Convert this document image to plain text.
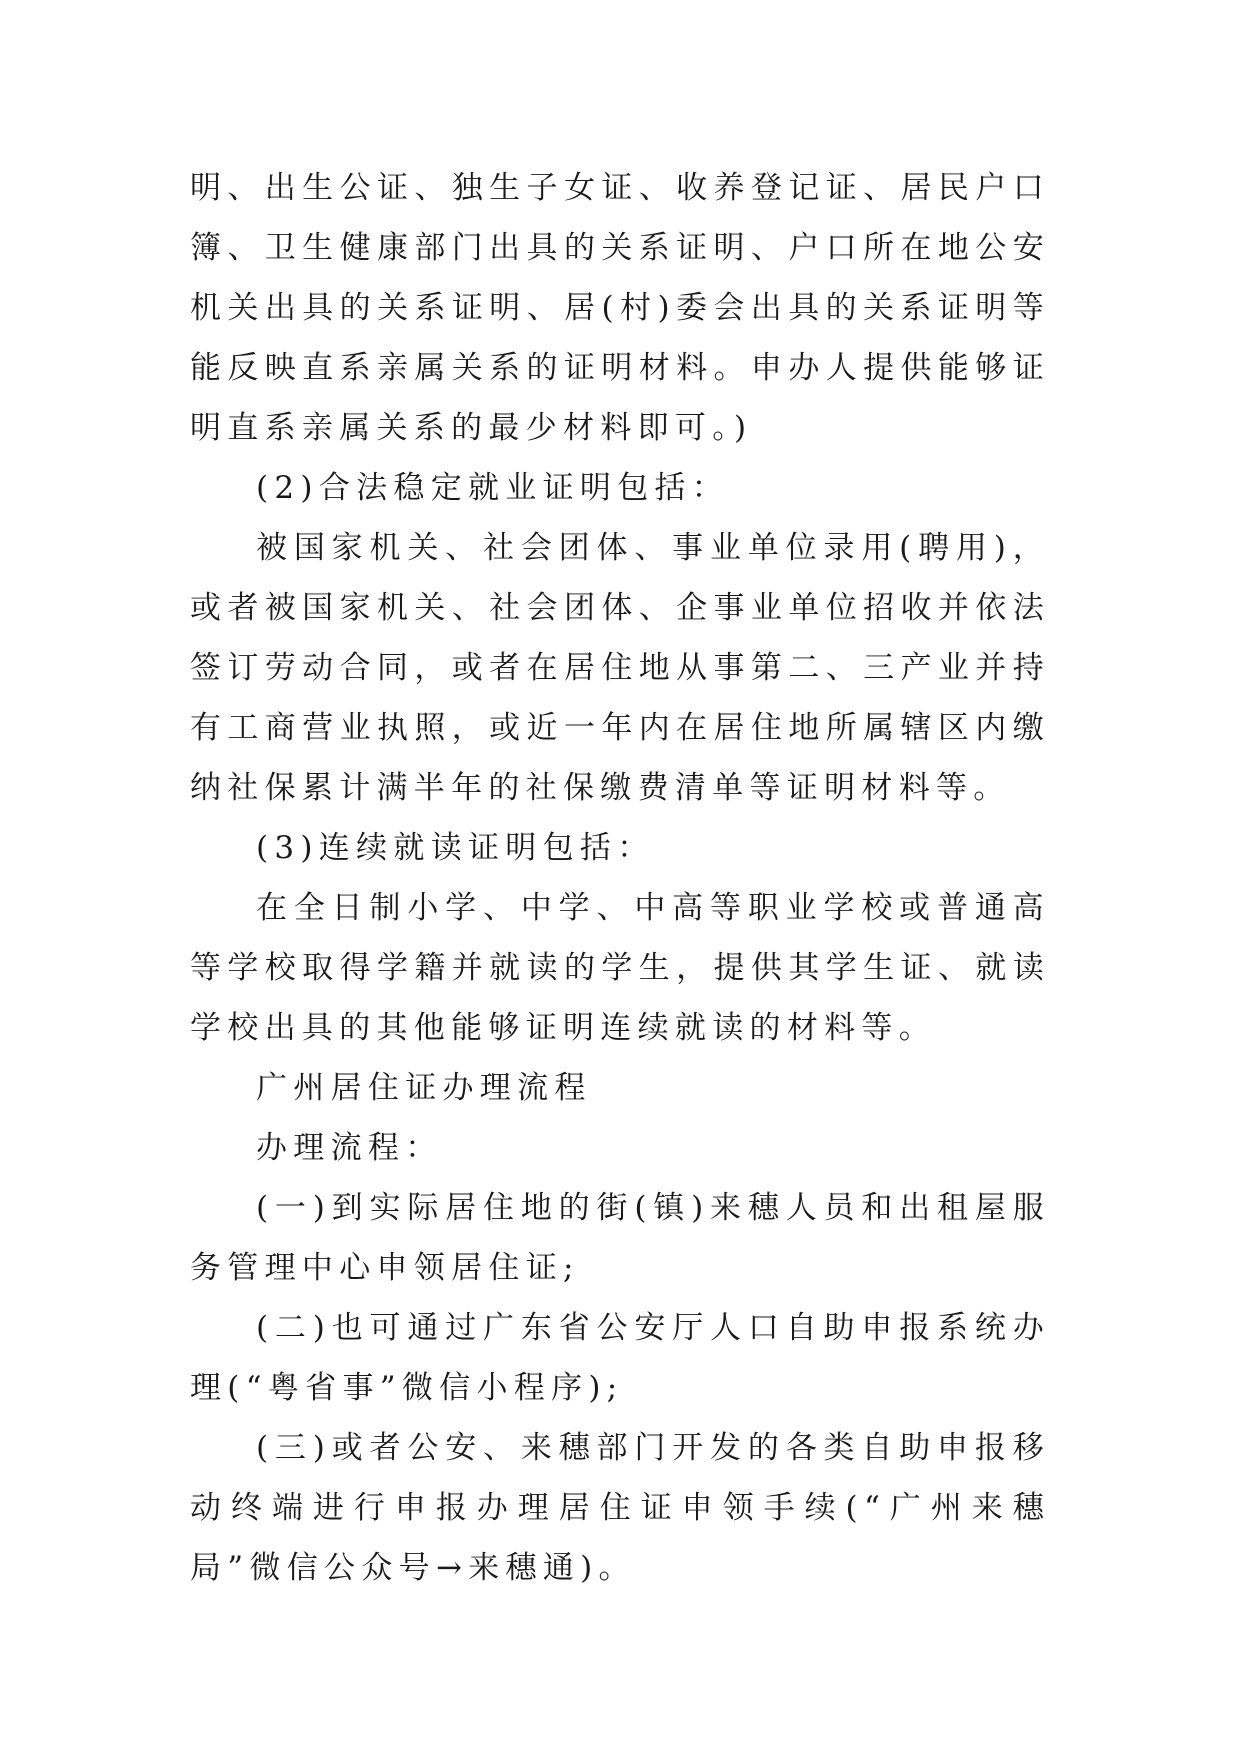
明、出生公证、独生子女证、收养登记证、居民户口簿、卫生健康部门出具的关系证明、户口所在地公安机关出具的关系证明、居(村)委会出具的关系证明等能反映直系亲属关系的证明材料。申办人提供能够证明直系亲属关系的最少材料即可。)

(2)合法稳定就业证明包括：

被国家机关、社会团体、事业单位录用(聘用)，或者被国家机关、社会团体、企事业单位招收并依法签订劳动合同，或者在居住地从事第二、三产业并持有工商营业执照，或近一年内在居住地所属辖区内缴纳社保累计满半年的社保缴费清单等证明材料等。

(3)连续就读证明包括：

在全日制小学、中学、中高等职业学校或普通高等学校取得学籍并就读的学生，提供其学生证、就读学校出具的其他能够证明连续就读的材料等。

广州居住证办理流程

办理流程：

(一)到实际居住地的街(镇)来穗人员和出租屋服务管理中心申领居住证;

(二)也可通过广东省公安厅人口自助申报系统办理(“粤省事”微信小程序);

(三)或者公安、来穗部门开发的各类自助申报移动终端进行申报办理居住证申领手续(“广州来穗局”微信公众号→来穗通)。
